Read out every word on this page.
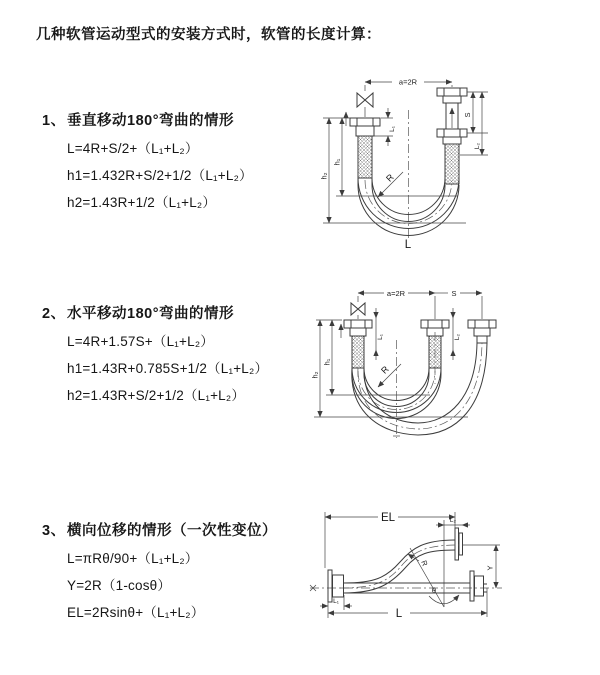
几种软管运动型式的安装方式时，软管的长度计算：
1、 垂直移动180°弯曲的情形
L=4R+S/2+（L₁+L₂）
h1=1.432R+S/2+1/2（L₁+L₂）
h2=1.43R+1/2（L₁+L₂）
2、 水平移动180°弯曲的情形
L=4R+1.57S+（L₁+L₂）
h1=1.43R+0.785S+1/2（L₁+L₂）
h2=1.43R+S/2+1/2（L₁+L₂）
3、 横向位移的情形（一次性变位）
L=πRθ/90+（L₁+L₂）
Y=2R（1-cosθ）
EL=2Rsinθ+（L₁+L₂）
a=2R
R
h₁
h₂
L₁
S
L₂
L
a=2R	S
L₁	L₂
R
h₁
h₂
EL	L₂
Y
L
L₁
R
θ
